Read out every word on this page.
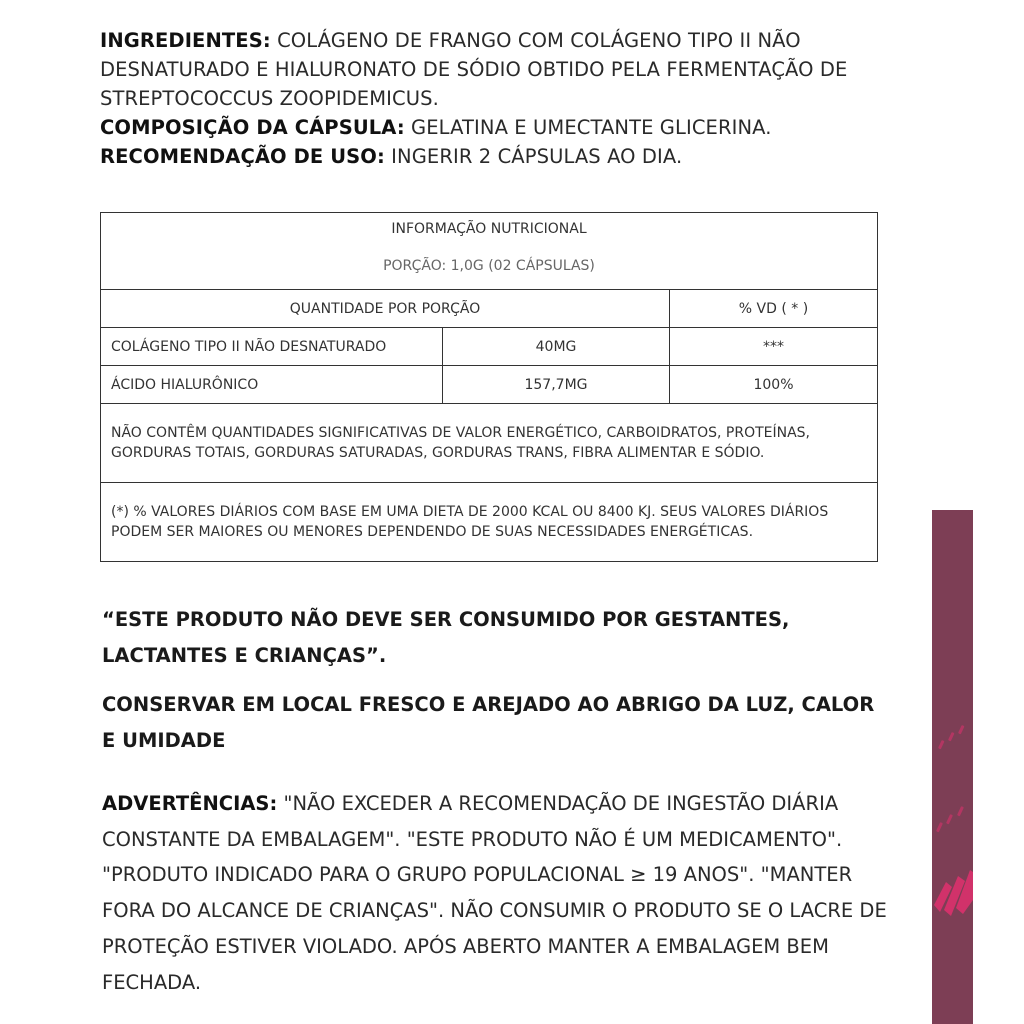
INGREDIENTES: COLÁGENO DE FRANGO COM COLÁGENO TIPO II NÃO DESNATURADO E HIALURONATO DE SÓDIO OBTIDO PELA FERMENTAÇÃO DE STREPTOCOCCUS ZOOPIDEMICUS.

COMPOSIÇÃO DA CÁPSULA: GELATINA E UMECTANTE GLICERINA.

RECOMENDAÇÃO DE USO: INGERIR 2 CÁPSULAS AO DIA.

INFORMAÇÃO NUTRICIONAL
PORÇÃO: 1,0G (02 CÁPSULAS)		

QUANTIDADE POR PORÇÃO		% VD ( * )
COLÁGENO TIPO II NÃO DESNATURADO	40MG	***
ÁCIDO HIALURÔNICO	157,7MG	100%
NÃO CONTÊM QUANTIDADES SIGNIFICATIVAS DE VALOR ENERGÉTICO, CARBOIDRATOS, PROTEÍNAS, GORDURAS TOTAIS, GORDURAS SATURADAS, GORDURAS TRANS, FIBRA ALIMENTAR E SÓDIO.		
(*) % VALORES DIÁRIOS COM BASE EM UMA DIETA DE 2000 KCAL OU 8400 KJ. SEUS VALORES DIÁRIOS PODEM SER MAIORES OU MENORES DEPENDENDO DE SUAS NECESSIDADES ENERGÉTICAS.		

“ESTE PRODUTO NÃO DEVE SER CONSUMIDO POR GESTANTES, LACTANTES E CRIANÇAS”.

CONSERVAR EM LOCAL FRESCO E AREJADO AO ABRIGO DA LUZ, CALOR E UMIDADE

ADVERTÊNCIAS: "NÃO EXCEDER A RECOMENDAÇÃO DE INGESTÃO DIÁRIA CONSTANTE DA EMBALAGEM". "ESTE PRODUTO NÃO É UM MEDICAMENTO". "PRODUTO INDICADO PARA O GRUPO POPULACIONAL ≥ 19 ANOS". "MANTER FORA DO ALCANCE DE CRIANÇAS". NÃO CONSUMIR O PRODUTO SE O LACRE DE PROTEÇÃO ESTIVER VIOLADO. APÓS ABERTO MANTER A EMBALAGEM BEM FECHADA.
